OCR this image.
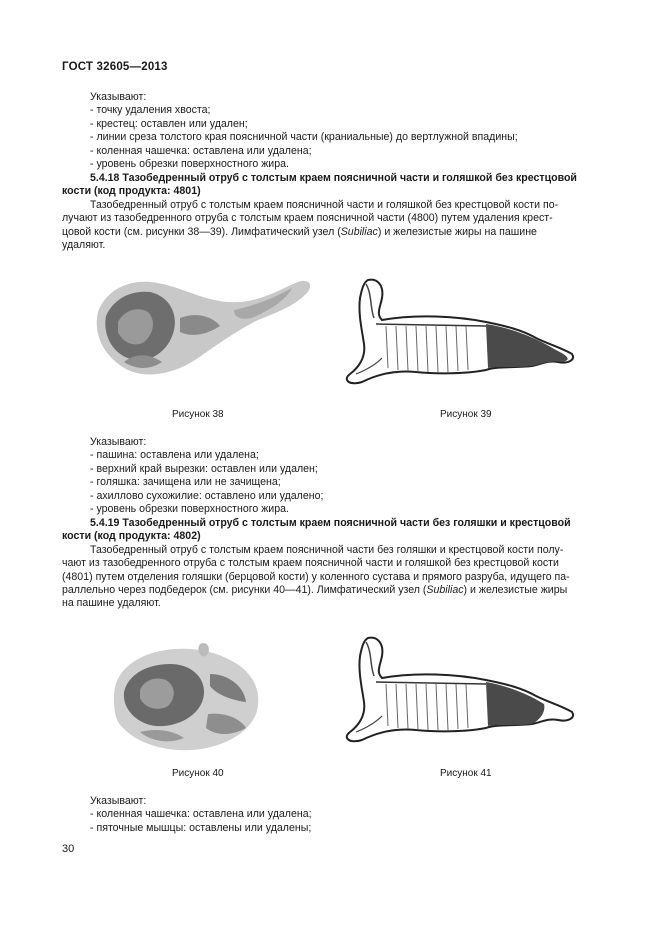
ГОСТ 32605—2013

Указывают:

- точку удаления хвоста;

- крестец: оставлен или удален;

- линии среза толстого края поясничной части (краниальные) до вертлужной впадины;

- коленная чашечка: оставлена или удалена;

- уровень обрезки поверхностного жира.

5.4.18 Тазобедренный отруб с толстым краем поясничной части и голяшкой без крестцовой

кости (код продукта: 4801)

Тазобедренный отруб с толстым краем поясничной части и голяшкой без крестцовой кости по-

лучают из тазобедренного отруба с толстым краем поясничной части (4800) путем удаления крест-

цовой кости (см. рисунки 38—39). Лимфатический узел (Subiliac) и железистые жиры на пашине

удаляют.

Рисунок 38	Рисунок 39

Указывают:

- пашина: оставлена или удалена;

- верхний край вырезки: оставлен или удален;

- голяшка: зачищена или не зачищена;

- ахиллово сухожилие: оставлено или удалено;

- уровень обрезки поверхностного жира.

5.4.19 Тазобедренный отруб с толстым краем поясничной части без голяшки и крестцовой

кости (код продукта: 4802)

Тазобедренный отруб с толстым краем поясничной части без голяшки и крестцовой кости полу-

чают из тазобедренного отруба с толстым краем поясничной части и голяшкой без крестцовой кости

(4801) путем отделения голяшки (берцовой кости) у коленного сустава и прямого разруба, идущего па-

раллельно через подбедерок (см. рисунки 40—41). Лимфатический узел (Subiliac) и железистые жиры

на пашине удаляют.

Рисунок 40	Рисунок 41

Указывают:

- коленная чашечка: оставлена или удалена;

- пяточные мышцы: оставлены или удалены;

30
